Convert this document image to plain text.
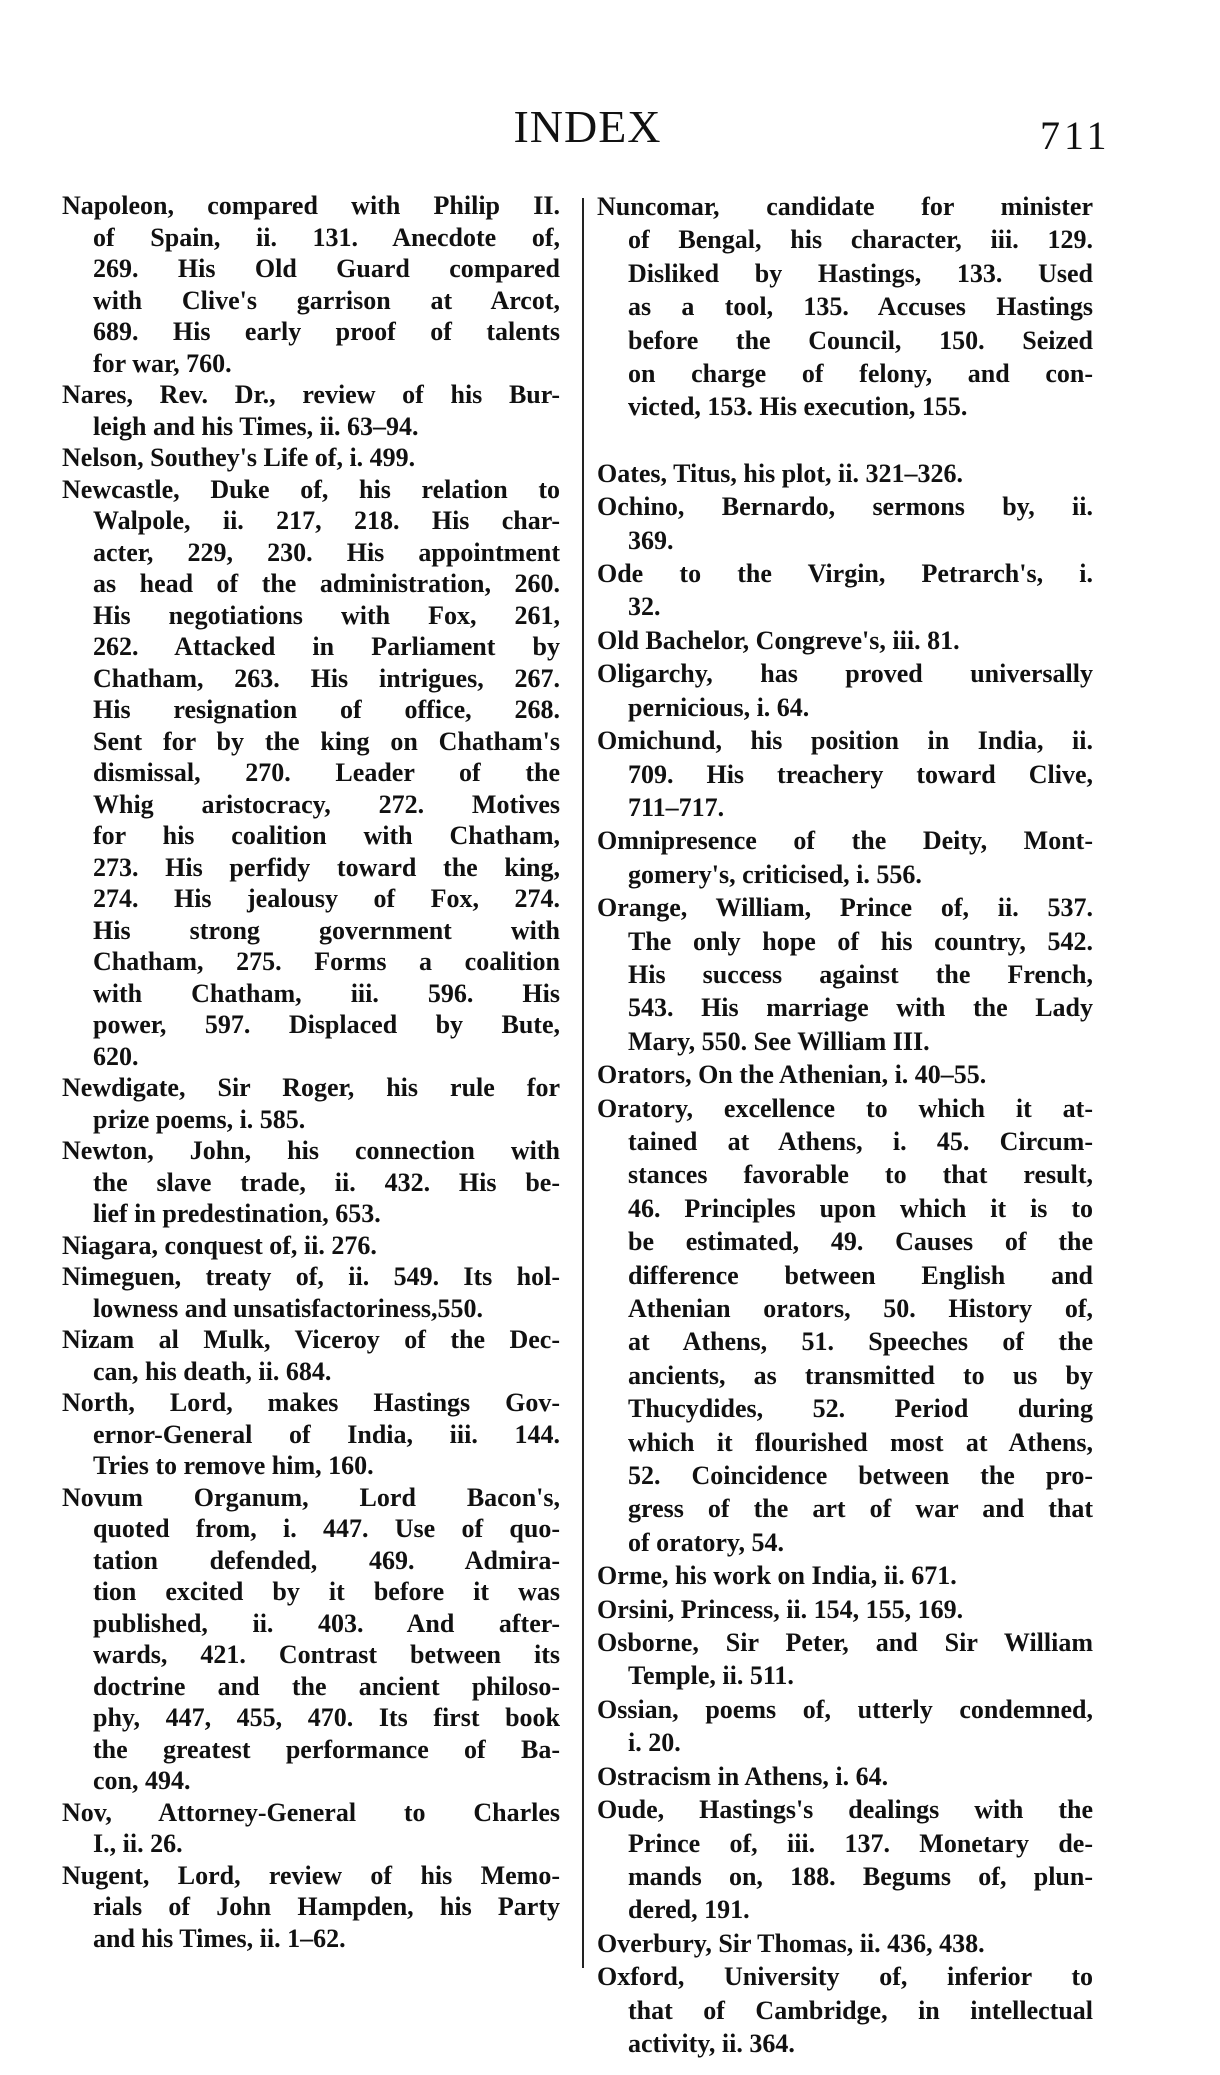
INDEX	711
Napoleon, compared with Philip II.
of Spain, ii. 131. Anecdote of,
269. His Old Guard compared
with Clive's garrison at Arcot,
689. His early proof of talents
for war, 760.
Nares, Rev. Dr., review of his Bur-
leigh and his Times, ii. 63–94.
Nelson, Southey's Life of, i. 499.
Newcastle, Duke of, his relation to
Walpole, ii. 217, 218. His char-
acter, 229, 230. His appointment
as head of the administration, 260.
His negotiations with Fox, 261,
262. Attacked in Parliament by
Chatham, 263. His intrigues, 267.
His resignation of office, 268.
Sent for by the king on Chatham's
dismissal, 270. Leader of the
Whig aristocracy, 272. Motives
for his coalition with Chatham,
273. His perfidy toward the king,
274. His jealousy of Fox, 274.
His strong government with
Chatham, 275. Forms a coalition
with Chatham, iii. 596. His
power, 597. Displaced by Bute,
620.
Newdigate, Sir Roger, his rule for
prize poems, i. 585.
Newton, John, his connection with
the slave trade, ii. 432. His be-
lief in predestination, 653.
Niagara, conquest of, ii. 276.
Nimeguen, treaty of, ii. 549. Its hol-
lowness and unsatisfactoriness,550.
Nizam al Mulk, Viceroy of the Dec-
can, his death, ii. 684.
North, Lord, makes Hastings Gov-
ernor-General of India, iii. 144.
Tries to remove him, 160.
Novum Organum, Lord Bacon's,
quoted from, i. 447. Use of quo-
tation defended, 469. Admira-
tion excited by it before it was
published, ii. 403. And after-
wards, 421. Contrast between its
doctrine and the ancient philoso-
phy, 447, 455, 470. Its first book
the greatest performance of Ba-
con, 494.
Nov, Attorney-General to Charles
I., ii. 26.
Nugent, Lord, review of his Memo-
rials of John Hampden, his Party
and his Times, ii. 1–62.
Nuncomar, candidate for minister
of Bengal, his character, iii. 129.
Disliked by Hastings, 133. Used
as a tool, 135. Accuses Hastings
before the Council, 150. Seized
on charge of felony, and con-
victed, 153. His execution, 155.
Oates, Titus, his plot, ii. 321–326.
Ochino, Bernardo, sermons by, ii.
369.
Ode to the Virgin, Petrarch's, i.
32.
Old Bachelor, Congreve's, iii. 81.
Oligarchy, has proved universally
pernicious, i. 64.
Omichund, his position in India, ii.
709. His treachery toward Clive,
711–717.
Omnipresence of the Deity, Mont-
gomery's, criticised, i. 556.
Orange, William, Prince of, ii. 537.
The only hope of his country, 542.
His success against the French,
543. His marriage with the Lady
Mary, 550. See William III.
Orators, On the Athenian, i. 40–55.
Oratory, excellence to which it at-
tained at Athens, i. 45. Circum-
stances favorable to that result,
46. Principles upon which it is to
be estimated, 49. Causes of the
difference between English and
Athenian orators, 50. History of,
at Athens, 51. Speeches of the
ancients, as transmitted to us by
Thucydides, 52. Period during
which it flourished most at Athens,
52. Coincidence between the pro-
gress of the art of war and that
of oratory, 54.
Orme, his work on India, ii. 671.
Orsini, Princess, ii. 154, 155, 169.
Osborne, Sir Peter, and Sir William
Temple, ii. 511.
Ossian, poems of, utterly condemned,
i. 20.
Ostracism in Athens, i. 64.
Oude, Hastings's dealings with the
Prince of, iii. 137. Monetary de-
mands on, 188. Begums of, plun-
dered, 191.
Overbury, Sir Thomas, ii. 436, 438.
Oxford, University of, inferior to
that of Cambridge, in intellectual
activity, ii. 364.
